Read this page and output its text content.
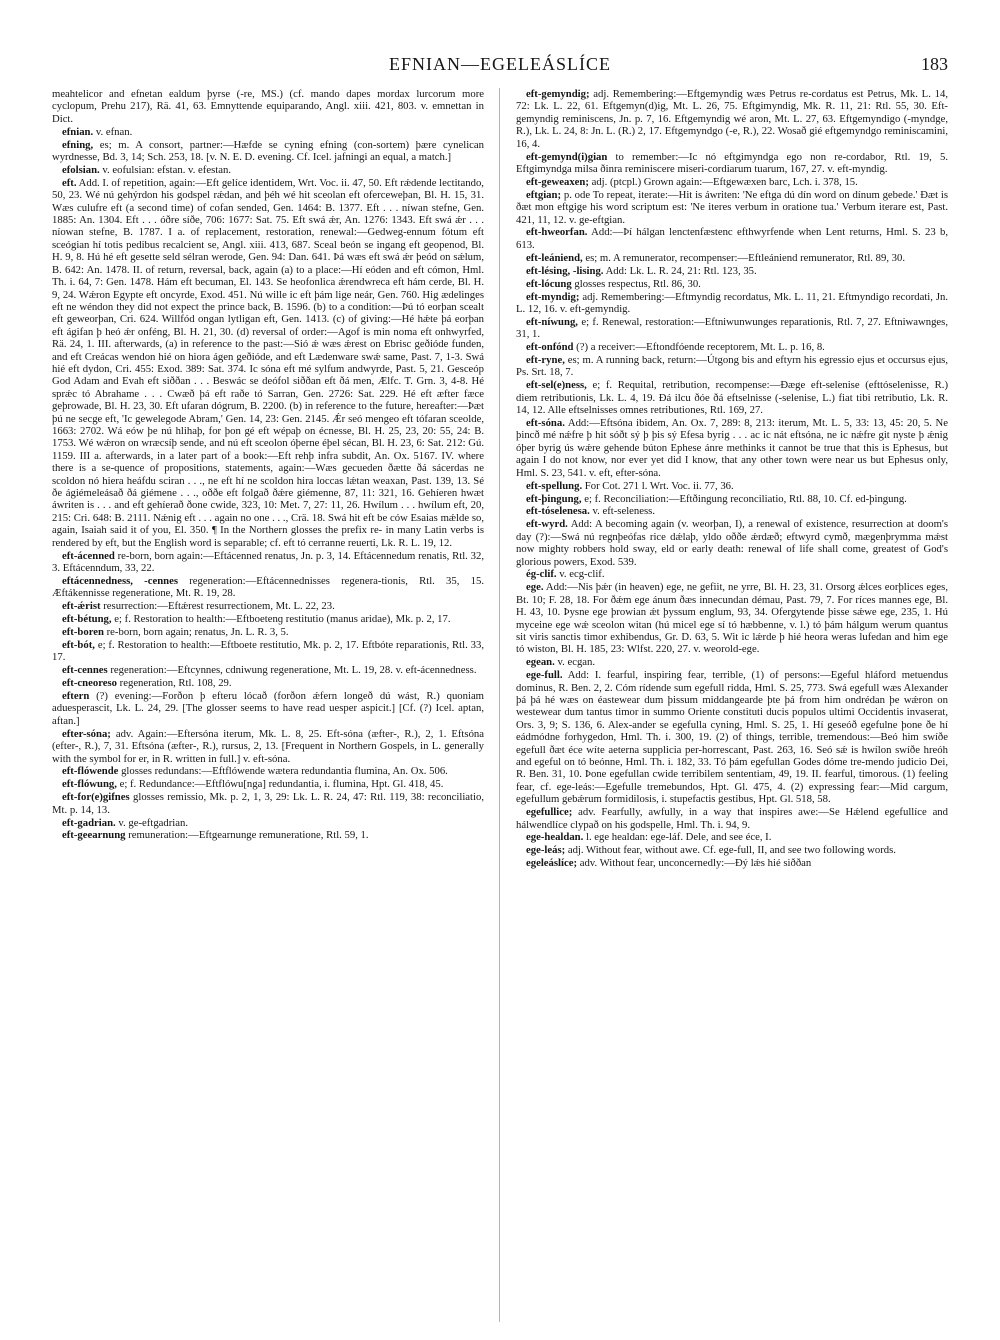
EFNIAN—EGELEÁSLÍCE	183

meahtelicor and efnetan ealdum þyrse (-re, MS.) (cf. mando dapes mordax lurcorum more cyclopum, Prehu 217), Rä. 41, 63. Emnyttende equiparando, Angl. xiii. 421, 803. v. emnettan in Dict.

efnian. v. efnan.

efning, es; m. A consort, partner:—Hæfde se cyning efning (con-sortem) þære cynelican wyrdnesse, Bd. 3, 14; Sch. 253, 18. [v. N. E. D. evening. Cf. Icel. jafningi an equal, a match.]

efolsian. v. eofulsian: efstan. v. efestan.

eft. Add. I. of repetition, again:—Eft gelíce identidem, Wrt. Voc. ii. 47, 50. Eft rǽdende lectitando, 50, 23. Wé nú gehýrdon his godspel rǽdan, and þéh wé hit sceolan eft oferceweþan, Bl. H. 15, 31. Wæs culufre eft (a second time) of cofan sended, Gen. 1464: B. 1377. Eft . . . níwan stefne, Gen. 1885: An. 1304. Eft . . . óðre síðe, 706: 1677: Sat. 75. Eft swá ǽr, An. 1276: 1343. Eft swá ǽr . . . níowan stefne, B. 1787. I a. of replacement, restoration, renewal:—Gedweg-ennum fótum eft sceógian hí totis pedibus recalcient se, Angl. xiii. 413, 687. Sceal beón se ingang eft geopenod, Bl. H. 9, 8. Hú hé eft gesette seld sélran werode, Gen. 94: Dan. 641. Þá wæs eft swá ǽr þeód on sǽlum, B. 642: An. 1478. II. of return, reversal, back, again (a) to a place:—Hí eóden and eft cómon, Hml. Th. i. 64, 7: Gen. 1478. Hám eft becuman, El. 143. Se heofonlica ǽrendwreca eft hám cerde, Bl. H. 9, 24. Wǽron Egypte eft oncyrde, Exod. 451. Nú wille ic eft þám lige neár, Gen. 760. Hig ædelinges eft ne wéndon they did not expect the prince back, B. 1596. (b) to a condition:—Þú tó eorþan scealt eft geweorþan, Cri. 624. Willfód ongan lytligan eft, Gen. 1413. (c) of giving:—Hé hǽte þá eorþan eft ágifan þ heó ǽr onféng, Bl. H. 21, 30. (d) reversal of order:—Agof is min noma eft onhwyrfed, Rä. 24, 1. III. afterwards, (a) in reference to the past:—Sió ǽ wæs ǽrest on Ebrisc geðióde funden, and eft Creácas wendon hié on hiora ágen geðióde, and eft Lædenware swǽ same, Past. 7, 1-3. Swá hié eft dydon, Cri. 455: Exod. 389: Sat. 374. Ic sóna eft mé sylfum andwyrde, Past. 5, 21. Gesceóp God Adam and Evah eft siððan . . . Beswác se deófol siððan eft ðá men, Ælfc. T. Grn. 3, 4-8. Hé sprǽc tó Abrahame . . . Cwæð þá eft raðe tó Sarran, Gen. 2726: Sat. 229. Hé eft æfter fæce geþrowade, Bl. H. 23, 30. Eft ufaran dógrum, B. 2200. (b) in reference to the future, hereafter:—Þæt þú ne secge eft, 'Ic gewelegode Abram,' Gen. 14, 23: Gen. 2145. Ǽr seó mengeo eft tófaran sceolde, 1663: 2702. Wá eów þe nú hlihaþ, for þon gé eft wépaþ on écnesse, Bl. H. 25, 23, 20: 55, 24: B. 1753. Wé wǽron on wræcsíþ sende, and nú eft sceolon óþerne éþel sécan, Bl. H. 23, 6: Sat. 212: Gú. 1159. III a. afterwards, in a later part of a book:—Eft rehþ infra subdit, An. Ox. 5167. IV. where there is a se-quence of propositions, statements, again:—Wæs gecueden ðætte ðá sácerdas ne scoldon nó hiera heáfdu sciran . . ., ne eft hí ne scoldon hira loccas lǽtan weaxan, Past. 139, 13. Sé ðe ágiémeleásað ðá giémene . . ., oððe eft folgað ðǽre giémenne, 87, 11: 321, 16. Gehíeren hwæt áwriten is . . . and eft gehíerað ðone cwide, 323, 10: Met. 7, 27: 11, 26. Hwílum . . . hwílum eft, 20, 215: Cri. 648: B. 2111. Nǽnig eft . . . again no one . . ., Crä. 18. Swá hit eft be ców Esaias mǽlde so, again, Isaiah said it of you, El. 350. ¶ In the Northern glosses the prefix re- in many Latin verbs is rendered by eft, but the English word is separable; cf. eft tó cerranne reuerti, Lk. R. L. 19, 12.

eft-ácenned re-born, born again:—Eftácenned renatus, Jn. p. 3, 14. Eftácennedum renatis, Rtl. 32, 3. Eftácenndum, 33, 22.

eftácennedness, -cennes regeneration:—Eftácennednisses regenera-tionis, Rtl. 35, 15. Æftákennisse regeneratione, Mt. R. 19, 28.

eft-ǽrist resurrection:—Eftǽrest resurrectionem, Mt. L. 22, 23.

eft-bétung, e; f. Restoration to health:—Eftboetenɡ restitutio (manus aridae), Mk. p. 2, 17.

eft-boren re-born, born again; renatus, Jn. L. R. 3, 5.

eft-bót, e; f. Restoration to health:—Eftboete restitutio, Mk. p. 2, 17. Eftbóte reparationis, Rtl. 33, 17.

eft-cennes regeneration:—Eftcynnes, cdniwung regeneratione, Mt. L. 19, 28. v. eft-ácennedness.

eft-cneoreso regeneration, Rtl. 108, 29.

eftern (?) evening:—Forðon þ efteru lócað (forðon ǽfern longeð dú wást, R.) quoniam aduesperascit, Lk. L. 24, 29. [The glosser seems to have read uesper aspicit.] [Cf. (?) Icel. aptan, aftan.]

efter-sóna; adv. Again:—Eftersóna iterum, Mk. L. 8, 25. Eft-sóna (æfter-, R.), 2, 1. Eftsóna (efter-, R.), 7, 31. Eftsóna (æfter-, R.), rursus, 2, 13. [Frequent in Northern Gospels, in L. generally with the symbol for er, in R. written in full.] v. eft-sóna.

eft-flówende glosses redundans:—Eftflówende wætera redundantia flumina, An. Ox. 506.

eft-flówung, e; f. Redundance:—Eftflówu[nga] redundantia, i. flumina, Hpt. Gl. 418, 45.

eft-for(e)gifnes glosses remissio, Mk. p. 2, 1, 3, 29: Lk. L. R. 24, 47: Rtl. 119, 38: reconciliatio, Mt. p. 14, 13.

eft-gadrian. v. ge-eftgadrian.

eft-geearnung remuneration:—Eftgearnunge remuneratione, Rtl. 59, 1.

eft-gemyndig; adj. Remembering:—Eftgemyndig wæs Petrus re-cordatus est Petrus, Mk. L. 14, 72: Lk. L. 22, 61. Eftgemyn(d)ig, Mt. L. 26, 75. Eftgimyndig, Mk. R. 11, 21: Rtl. 55, 30. Eft-gemyndig reminiscens, Jn. p. 7, 16. Eftgemyndig wé aron, Mt. L. 27, 63. Eftgemyndigo (-myndge, R.), Lk. L. 24, 8: Jn. L. (R.) 2, 17. Eftgemyndgo (-e, R.), 22. Wosað gié eftgemyndgo reminiscamini, 16, 4.

eft-gemynd(i)gian to remember:—Ic nó eftgimyndga ego non re-cordabor, Rtl. 19, 5. Eftgimyndga milsa ðinra reminiscere miseri-cordiarum tuarum, 167, 27. v. eft-myndig.

eft-geweaxen; adj. (ptcpl.) Grown again:—Eftgewæxen barc, Lch. i. 378, 15.

eftgian; p. ode To repeat, iterate:—Hit is áwriten: 'Ne eftga dú dín word on dínum gebede.' Ðæt is ðæt mon eftgige his word scriptum est: 'Ne iteres verbum in oratione tua.' Verbum iterare est, Past. 421, 11, 12. v. ge-eftgian.

eft-hweorfan. Add:—Þí hálgan lenctenfæstenc efthwyrfende when Lent returns, Hml. S. 23 b, 613.

eft-leániend, es; m. A remunerator, recompenser:—Eftleániend remunerator, Rtl. 89, 30.

eft-lésing, -lising. Add: Lk. L. R. 24, 21: Rtl. 123, 35.

eft-lócung glosses respectus, Rtl. 86, 30.

eft-myndig; adj. Remembering:—Eftmyndig recordatus, Mk. L. 11, 21. Eftmyndigo recordati, Jn. L. 12, 16. v. eft-gemyndig.

eft-níwung, e; f. Renewal, restoration:—Eftniwunwunges reparationis, Rtl. 7, 27. Eftniwawnges, 31, 1.

eft-onfónd (?) a receiver:—Eftondfóende receptorem, Mt. L. p. 16, 8.

eft-ryne, es; m. A running back, return:—Útgong bis and eftyrn his egressio ejus et occursus ejus, Ps. Srt. 18, 7.

eft-sel(e)ness, e; f. Requital, retribution, recompense:—Ðæge eft-selenise (efttóselenisse, R.) diem retributionis, Lk. L. 4, 19. Ðá ilcu ðóe ðá eftselnisse (-selenise, L.) fiat tibi retributio, Lk. R. 14, 12. Alle eftselnisses omnes retributiones, Rtl. 169, 27.

eft-sóna. Add:—Eftsóna ibidem, An. Ox. 7, 289: 8, 213: iterum, Mt. L. 5, 33: 13, 45: 20, 5. Ne þincð mé nǽfre þ hit sóðt sý þ þis sý Efesa byrig . . . ac ic nát eftsóna, ne ic nǽfre git nyste þ ǽnig óþer byrig ús wǽre gehende búton Ephese ánre methinks it cannot be true that this is Ephesus, but again I do not know, nor ever yet did I know, that any other town were near us but Ephesus only, Hml. S. 23, 541. v. eft, efter-sóna.

eft-spellung. For Cot. 271 l. Wrt. Voc. ii. 77, 36.

eft-þingung, e; f. Reconciliation:—Eftðingung reconciliatio, Rtl. 88, 10. Cf. ed-þingung.

eft-tóselenesa. v. eft-seleness.

eft-wyrd. Add: A becoming again (v. weorþan, I), a renewal of existence, resurrection at doom's day (?):—Swá nú regnþeófas rice dǽlaþ, yldo oððe ǽrdæð; eftwyrd cymð, mægenþrymma mǽst now mighty robbers hold sway, eld or early death: renewal of life shall come, greatest of God's glorious powers, Exod. 539.

ég-clif. v. ecg-clif.

ege. Add:—Nis þǽr (in heaven) ege, ne gefiit, ne yrre, Bl. H. 23, 31. Orsorg ǽlces eorþlices eges, Bt. 10; F. 28, 18. For ðǽm ege ánum ðæs innecundan démau, Past. 79, 7. For ríces mannes ege, Bl. H. 43, 10. Þysne ege þrowian ǽt þyssum englum, 93, 34. Ofergytende þisse sǽwe ege, 235, 1. Hú myceine ege wǽ sceolon witan (hú micel ege sí tó hæbbenne, v. l.) tó þám hálgum werum quantus sit viris sanctis timor exhibendus, Gr. D. 63, 5. Wit ic lǽrde þ hié heora weras lufedan and him ege tó wiston, Bl. H. 185, 23: Wlfst. 220, 27. v. weorold-ege.

egean. v. ecgan.

ege-full. Add: I. fearful, inspiring fear, terrible, (1) of persons:—Egeful hláford metuendus dominus, R. Ben. 2, 2. Cóm rídende sum egefull ridda, Hml. S. 25, 773. Swá egefull wæs Alexander þá þá hé wæs on éastewear dum þissum middangearde þte þá from him ondrédan þe wǽron on westewear dum tantus timor in summo Oriente constituti ducis populos ultimi Occidentis invaserat, Ors. 3, 9; S. 136, 6. Alex-ander se egefulla cyning, Hml. S. 25, 1. Hí geseóð egefulne þone ðe hí eádmódne forhygedon, Hml. Th. i. 300, 19. (2) of things, terrible, tremendous:—Beó him swíðe egefull ðæt éce wíte aeterna supplicia per-horrescant, Past. 263, 16. Seó sǽ is hwílon swíðe hreóh and egeful on tó beónne, Hml. Th. i. 182, 33. Tó þám egefullan Godes dóme tre-mendo judicio Dei, R. Ben. 31, 10. Þone egefullan cwide terribilem sententiam, 49, 19. II. fearful, timorous. (1) feeling fear, cf. ege-leás:—Egefulle tremebundos, Hpt. Gl. 475, 4. (2) expressing fear:—Mid cargum, egefullum gebǽrum formidilosis, i. stupefactis gestibus, Hpt. Gl. 518, 58.

egefullice; adv. Fearfully, awfully, in a way that inspires awe:—Se Hǽlend egefullíce and hálwendlíce clypað on his godspelle, Hml. Th. i. 94, 9.

ege-healdan. l. ege healdan: ege-láf. Dele, and see éce, I.

ege-leás; adj. Without fear, without awe. Cf. ege-full, II, and see two following words.

egeleáslíce; adv. Without fear, unconcernedly:—Ðý lǽs hié siððan
